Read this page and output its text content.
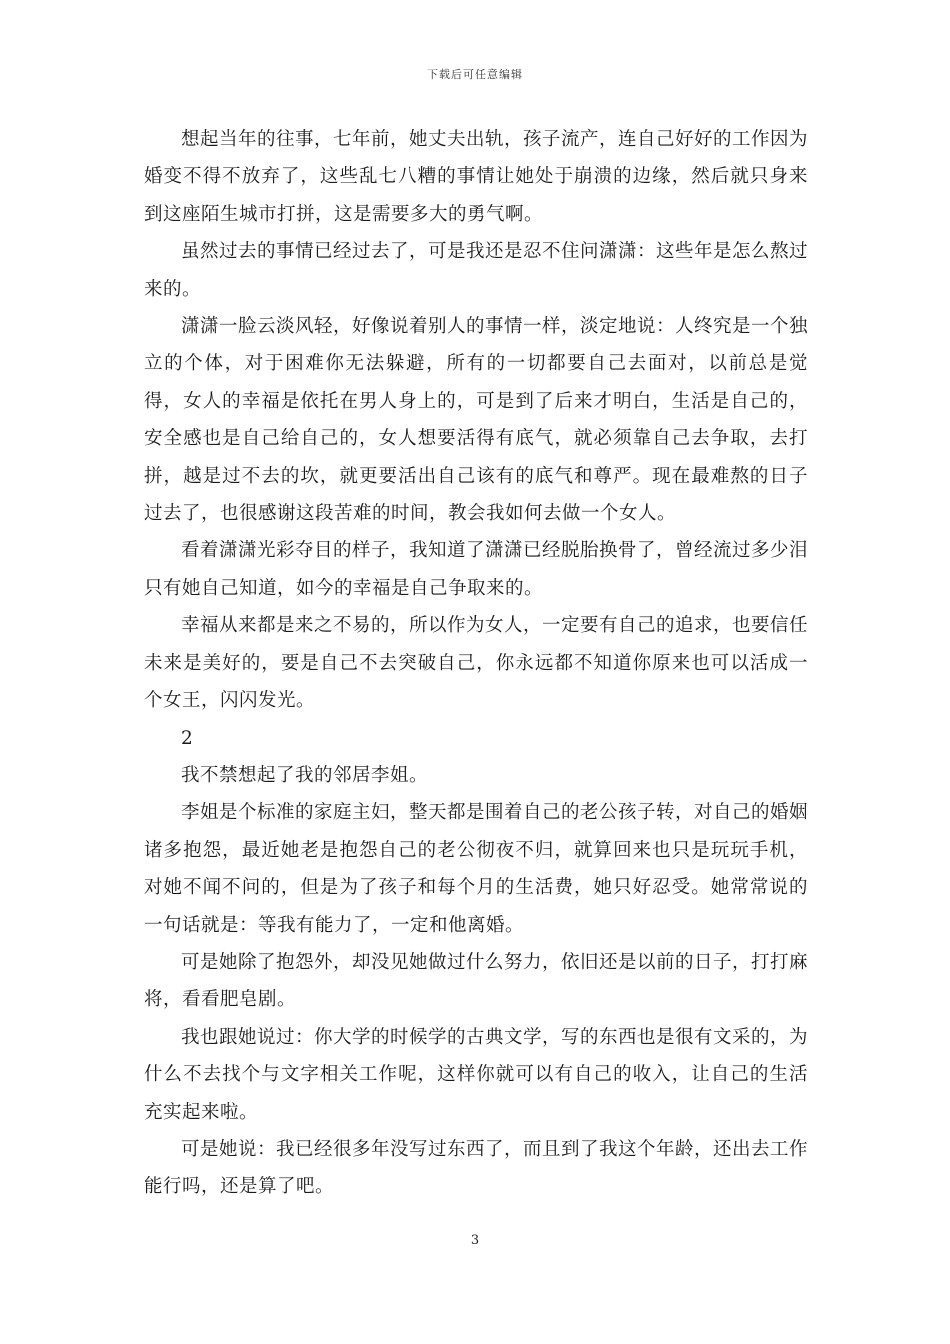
下载后可任意编辑

想起当年的往事，七年前，她丈夫出轨，孩子流产，连自己好好的工作因为婚变不得不放弃了，这些乱七八糟的事情让她处于崩溃的边缘，然后就只身来到这座陌生城市打拼，这是需要多大的勇气啊。

虽然过去的事情已经过去了，可是我还是忍不住问潇潇：这些年是怎么熬过来的。

潇潇一脸云淡风轻，好像说着别人的事情一样，淡定地说：人终究是一个独立的个体，对于困难你无法躲避，所有的一切都要自己去面对，以前总是觉得，女人的幸福是依托在男人身上的，可是到了后来才明白，生活是自己的，安全感也是自己给自己的，女人想要活得有底气，就必须靠自己去争取，去打拼，越是过不去的坎，就更要活出自己该有的底气和尊严。现在最难熬的日子过去了，也很感谢这段苦难的时间，教会我如何去做一个女人。

看着潇潇光彩夺目的样子，我知道了潇潇已经脱胎换骨了，曾经流过多少泪只有她自己知道，如今的幸福是自己争取来的。

幸福从来都是来之不易的，所以作为女人，一定要有自己的追求，也要信任未来是美好的，要是自己不去突破自己，你永远都不知道你原来也可以活成一个女王，闪闪发光。

2

我不禁想起了我的邻居李姐。

李姐是个标准的家庭主妇，整天都是围着自己的老公孩子转，对自己的婚姻诸多抱怨，最近她老是抱怨自己的老公彻夜不归，就算回来也只是玩玩手机，对她不闻不问的，但是为了孩子和每个月的生活费，她只好忍受。她常常说的一句话就是：等我有能力了，一定和他离婚。

可是她除了抱怨外，却没见她做过什么努力，依旧还是以前的日子，打打麻将，看看肥皂剧。

我也跟她说过：你大学的时候学的古典文学，写的东西也是很有文采的，为什么不去找个与文字相关工作呢，这样你就可以有自己的收入，让自己的生活充实起来啦。

可是她说：我已经很多年没写过东西了，而且到了我这个年龄，还出去工作能行吗，还是算了吧。

3
